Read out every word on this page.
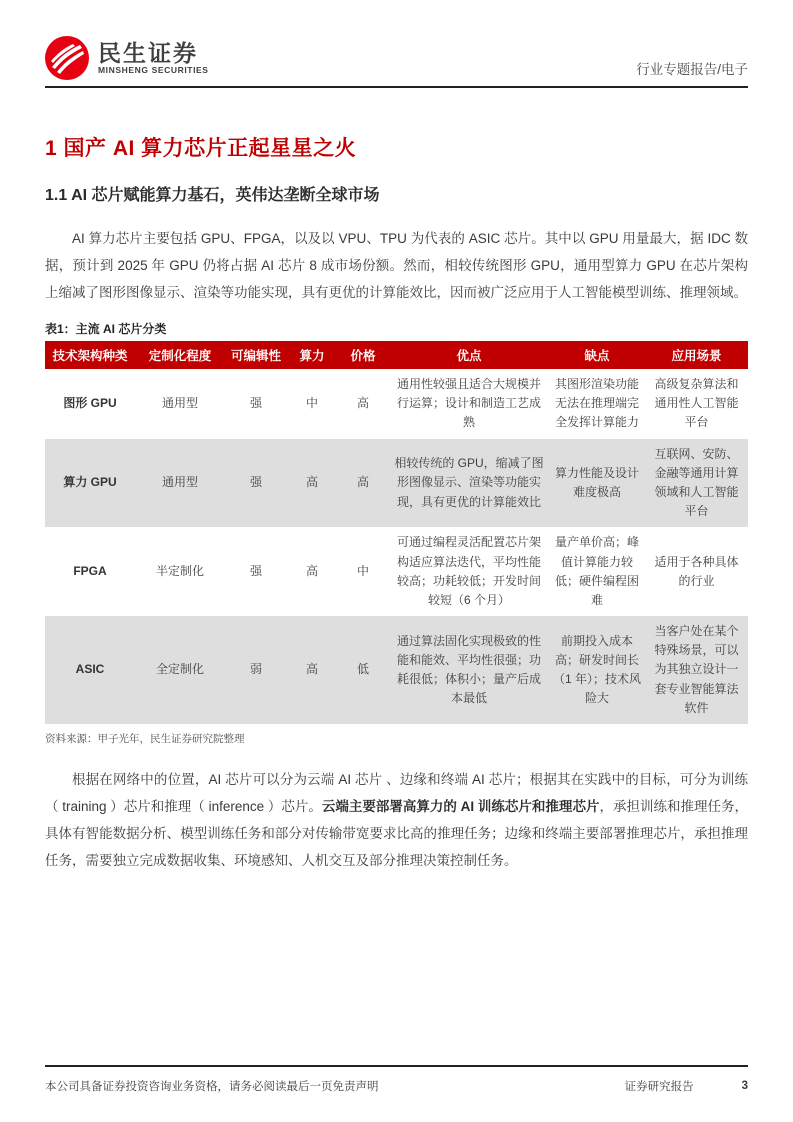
民生证券
MINSHENG SECURITIES	行业专题报告/电子
1 国产 AI 算力芯片正起星星之火
1.1 AI 芯片赋能算力基石，英伟达垄断全球市场

AI 算力芯片主要包括 GPU、FPGA，以及以 VPU、TPU 为代表的 ASIC 芯片。其中以 GPU 用量最大，据 IDC 数据，预计到 2025 年 GPU 仍将占据 AI 芯片 8 成市场份额。然而，相较传统图形 GPU，通用型算力 GPU 在芯片架构上缩减了图形图像显示、渲染等功能实现，具有更优的计算能效比，因而被广泛应用于人工智能模型训练、推理领域。

表1：主流 AI 芯片分类
技术架构种类	定制化程度	可编辑性	算力	价格	优点	缺点	应用场景
图形 GPU	通用型	强	中	高	通用性较强且适合大规模并行运算；设计和制造工艺成熟	其图形渲染功能无法在推理端完全发挥计算能力	高级复杂算法和通用性人工智能平台
算力 GPU	通用型	强	高	高	相较传统的 GPU，缩减了图形图像显示、渲染等功能实现，具有更优的计算能效比	算力性能及设计难度极高	互联网、安防、金融等通用计算领域和人工智能平台
FPGA	半定制化	强	高	中	可通过编程灵活配置芯片架构适应算法迭代，平均性能较高；功耗较低；开发时间较短（6 个月）	量产单价高；峰值计算能力较低；硬件编程困难	适用于各种具体的行业
ASIC	全定制化	弱	高	低	通过算法固化实现极致的性能和能效、平均性很强；功耗很低；体积小；量产后成本最低	前期投入成本高；研发时间长（1 年）；技术风险大	当客户处在某个特殊场景，可以为其独立设计一套专业智能算法软件
资料来源：甲子光年，民生证券研究院整理

根据在网络中的位置，AI 芯片可以分为云端 AI 芯片 、边缘和终端 AI 芯片；根据其在实践中的目标，可分为训练（ training ）芯片和推理（ inference ）芯片。云端主要部署高算力的 AI 训练芯片和推理芯片，承担训练和推理任务，具体有智能数据分析、模型训练任务和部分对传输带宽要求比高的推理任务；边缘和终端主要部署推理芯片，承担推理任务，需要独立完成数据收集、环境感知、人机交互及部分推理决策控制任务。

本公司具备证券投资咨询业务资格，请务必阅读最后一页免责声明	证券研究报告	3
